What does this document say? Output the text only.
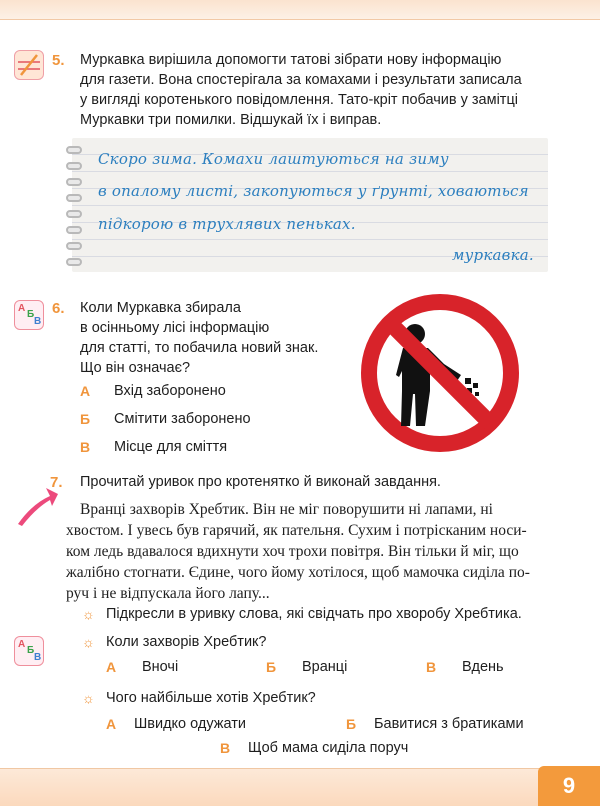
5. Муркавка вирішила допомогти татові зібрати нову інформацію
для газети. Вона спостерігала за комахами і результати записала
у вигляді коротенького повідомлення. Тато-кріт побачив у замітці
Муркавки три помилки. Відшукай їх і виправ.
Скоро зима. Комахи лаштуються на зиму
в опалому листі, закопуються у ґрунті, ховаються
підкорою в трухлявих пеньках.
муркавка.
А
Б
В
6. Коли Муркавка збирала
в осінньому лісі інформацію
для статті, то побачила новий знак.
Що він означає?
А Вхід заборонено
Б Смітити заборонено
В Місце для сміття
7. Прочитай уривок про кротенятко й виконай завдання.
Вранці захворів Хребтик. Він не міг поворушити ні лапами, ні
хвостом. І увесь був гарячий, як пательня. Сухим і потрісканим носи-
ком ледь вдавалося вдихнути хоч трохи повітря. Він тільки й міг, що
жалібно стогнати. Єдине, чого йому хотілося, щоб мамочка сиділа по-
руч і не відпускала його лапу...
☼ Підкресли в уривку слова, які свідчать про хворобу Хребтика.
А
Б
В
☼ Коли захворів Хребтик?
А Вночі	Б Вранці	В Вдень
☼ Чого найбільше хотів Хребтик?
А Швидко одужати	Б Бавитися з братиками
В Щоб мама сиділа поруч
9
